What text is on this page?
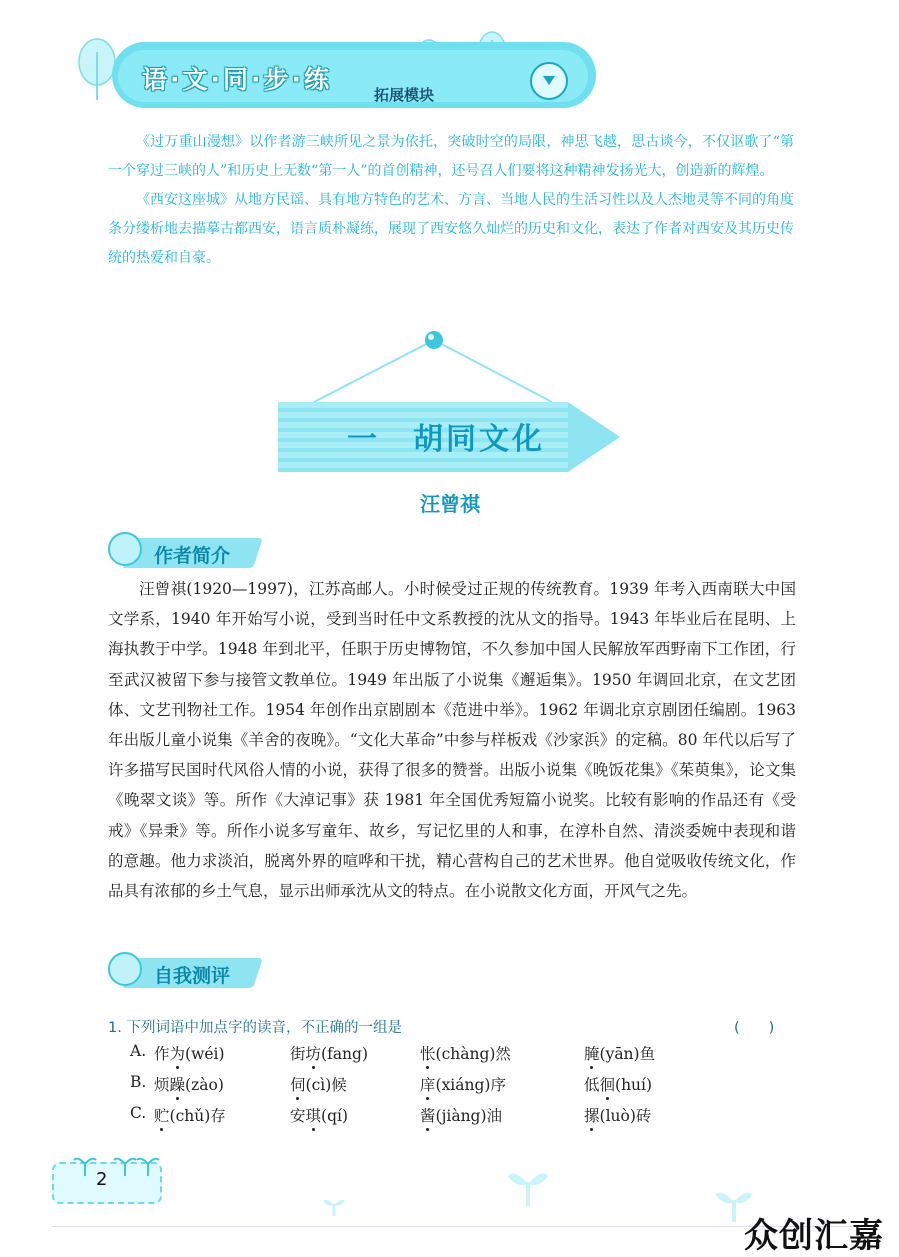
语·文·同·步·练
拓展模块

《过万重山漫想》以作者游三峡所见之景为依托，突破时空的局限，神思飞越，思古谈今，不仅讴歌了“第一个穿过三峡的人”和历史上无数“第一人”的首创精神，还号召人们要将这种精神发扬光大，创造新的辉煌。

《西安这座城》从地方民谣、具有地方特色的艺术、方言、当地人民的生活习性以及人杰地灵等不同的角度条分缕析地去描摹古都西安，语言质朴凝练，展现了西安悠久灿烂的历史和文化，表达了作者对西安及其历史传统的热爱和自豪。

一　胡同文化
汪曾祺
作者简介

汪曾祺(1920—1997)，江苏高邮人。小时候受过正规的传统教育。1939 年考入西南联大中国文学系，1940 年开始写小说，受到当时任中文系教授的沈从文的指导。1943 年毕业后在昆明、上海执教于中学。1948 年到北平，任职于历史博物馆，不久参加中国人民解放军西野南下工作团，行至武汉被留下参与接管文教单位。1949 年出版了小说集《邂逅集》。1950 年调回北京，在文艺团体、文艺刊物社工作。1954 年创作出京剧剧本《范进中举》。1962 年调北京京剧团任编剧。1963 年出版儿童小说集《羊舍的夜晚》。“文化大革命”中参与样板戏《沙家浜》的定稿。80 年代以后写了许多描写民国时代风俗人情的小说，获得了很多的赞誉。出版小说集《晚饭花集》《茱萸集》，论文集《晚翠文谈》等。所作《大淖记事》获 1981 年全国优秀短篇小说奖。比较有影响的作品还有《受戒》《异秉》等。所作小说多写童年、故乡，写记忆里的人和事，在淳朴自然、清淡委婉中表现和谐的意趣。他力求淡泊，脱离外界的喧哗和干扰，精心营构自己的艺术世界。他自觉吸收传统文化，作品具有浓郁的乡土气息，显示出师承沈从文的特点。在小说散文化方面，开风气之先。

自我测评
1. 下列词语中加点字的读音，不正确的一组是	(　　)
A. 作为(wéi)	街坊(fang)	怅(chàng)然	腌(yān)鱼
B. 烦躁(zào)	伺(cì)候	庠(xiáng)序	低徊(huí)
C. 贮(chǔ)存	安琪(qí)	酱(jiàng)油	摞(luò)砖
2
众创汇嘉
